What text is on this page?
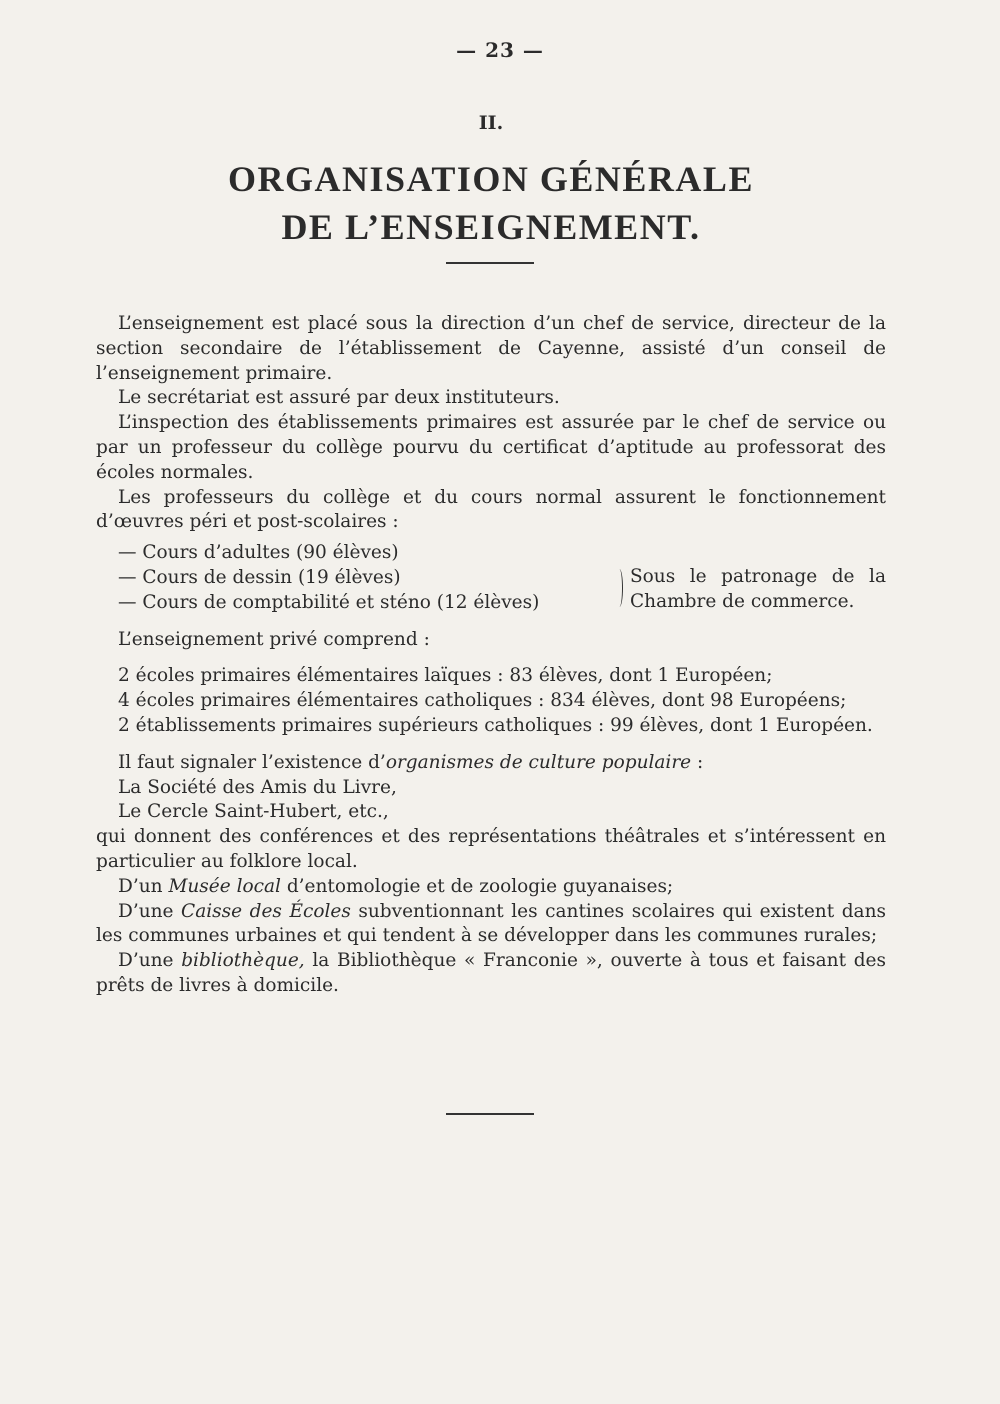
— 23 —
II.
ORGANISATION GÉNÉRALE
DE L’ENSEIGNEMENT.

L’enseignement est placé sous la direction d’un chef de service, directeur de la section secondaire de l’établissement de Cayenne, assisté d’un conseil de l’enseignement primaire.

Le secrétariat est assuré par deux instituteurs.

L’inspection des établissements primaires est assurée par le chef de service ou par un professeur du collège pourvu du certificat d’aptitude au professorat des écoles normales.

Les professeurs du collège et du cours normal assurent le fonctionnement d’œuvres péri et post-scolaires :

— Cours d’adultes (90 élèves)
— Cours de dessin (19 élèves)
— Cours de comptabilité et sténo (12 élèves)
Sous le patronage de la Chambre de commerce.

L’enseignement privé comprend :

2 écoles primaires élémentaires laïques : 83 élèves, dont 1 Européen;

4 écoles primaires élémentaires catholiques : 834 élèves, dont 98 Européens;

2 établissements primaires supérieurs catholiques : 99 élèves, dont 1 Européen.

Il faut signaler l’existence d’organismes de culture populaire :

La Société des Amis du Livre,

Le Cercle Saint-Hubert, etc.,

qui donnent des conférences et des représentations théâtrales et s’intéressent en particulier au folklore local.

D’un Musée local d’entomologie et de zoologie guyanaises;

D’une Caisse des Écoles subventionnant les cantines scolaires qui existent dans les communes urbaines et qui tendent à se développer dans les communes rurales;

D’une bibliothèque, la Bibliothèque « Franconie », ouverte à tous et faisant des prêts de livres à domicile.
